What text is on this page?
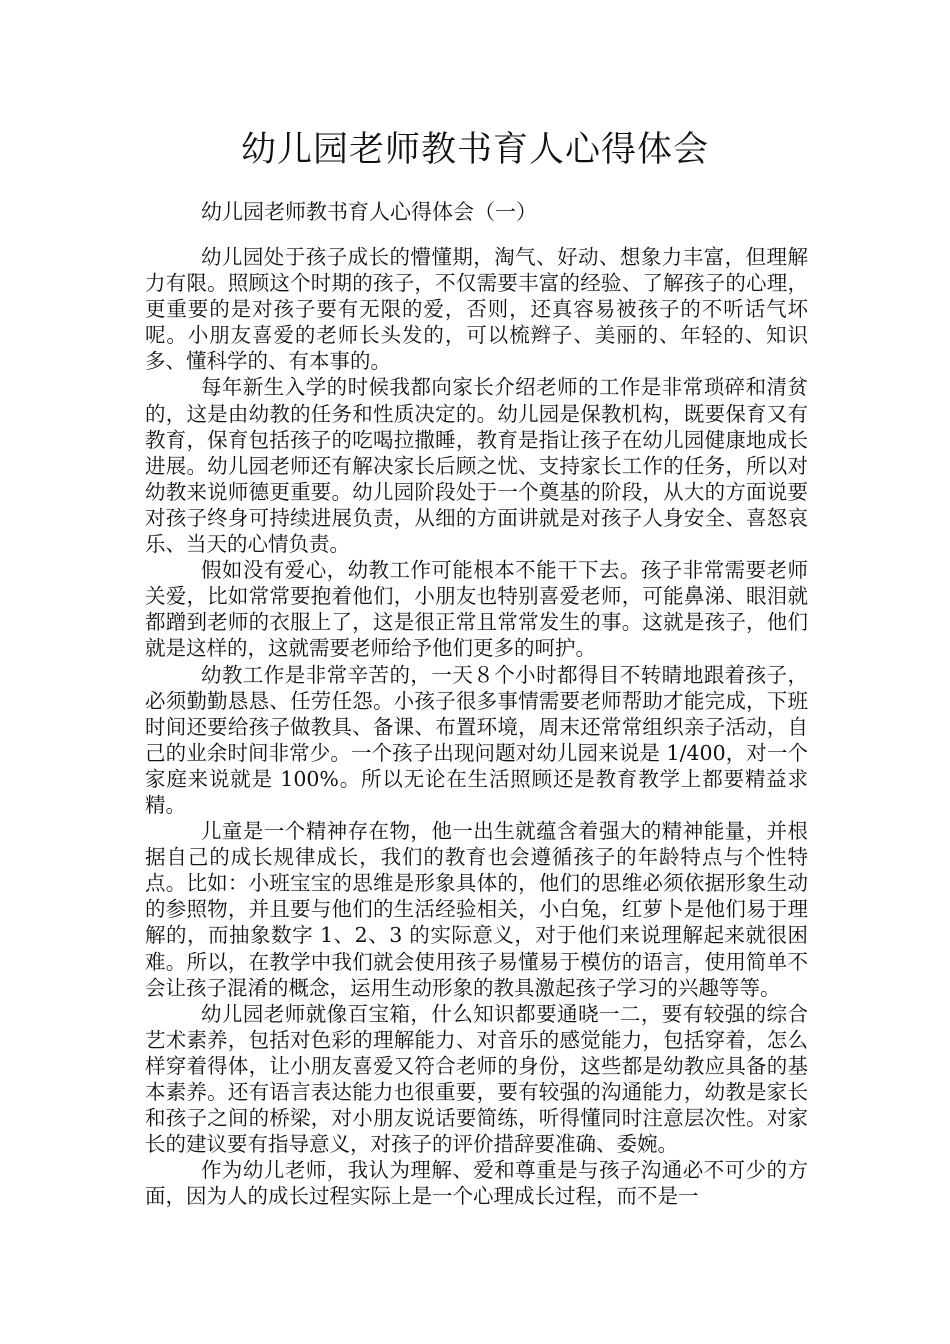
幼儿园老师教书育人心得体会

幼儿园老师教书育人心得体会（一）

幼儿园处于孩子成长的懵懂期，淘气、好动、想象力丰富，但理解力有限。照顾这个时期的孩子，不仅需要丰富的经验、了解孩子的心理，更重要的是对孩子要有无限的爱，否则，还真容易被孩子的不听话气坏呢。小朋友喜爱的老师长头发的，可以梳辫子、美丽的、年轻的、知识多、懂科学的、有本事的。

每年新生入学的时候我都向家长介绍老师的工作是非常琐碎和清贫的，这是由幼教的任务和性质决定的。幼儿园是保教机构，既要保育又有教育，保育包括孩子的吃喝拉撒睡，教育是指让孩子在幼儿园健康地成长进展。幼儿园老师还有解决家长后顾之忧、支持家长工作的任务，所以对幼教来说师德更重要。幼儿园阶段处于一个奠基的阶段，从大的方面说要对孩子终身可持续进展负责，从细的方面讲就是对孩子人身安全、喜怒哀乐、当天的心情负责。

假如没有爱心，幼教工作可能根本不能干下去。孩子非常需要老师关爱，比如常常要抱着他们，小朋友也特别喜爱老师，可能鼻涕、眼泪就都蹭到老师的衣服上了，这是很正常且常常发生的事。这就是孩子，他们就是这样的，这就需要老师给予他们更多的呵护。

幼教工作是非常辛苦的，一天８个小时都得目不转睛地跟着孩子，必须勤勤恳恳、任劳任怨。小孩子很多事情需要老师帮助才能完成，下班时间还要给孩子做教具、备课、布置环境，周末还常常组织亲子活动，自己的业余时间非常少。一个孩子出现问题对幼儿园来说是 1/400，对一个家庭来说就是 100%。所以无论在生活照顾还是教育教学上都要精益求精。

儿童是一个精神存在物，他一出生就蕴含着强大的精神能量，并根据自己的成长规律成长，我们的教育也会遵循孩子的年龄特点与个性特点。比如：小班宝宝的思维是形象具体的，他们的思维必须依据形象生动的参照物，并且要与他们的生活经验相关，小白兔，红萝卜是他们易于理解的，而抽象数字 1、2、3 的实际意义，对于他们来说理解起来就很困难。所以，在教学中我们就会使用孩子易懂易于模仿的语言，使用简单不会让孩子混淆的概念，运用生动形象的教具激起孩子学习的兴趣等等。

幼儿园老师就像百宝箱，什么知识都要通晓一二，要有较强的综合艺术素养，包括对色彩的理解能力、对音乐的感觉能力，包括穿着，怎么样穿着得体，让小朋友喜爱又符合老师的身份，这些都是幼教应具备的基本素养。还有语言表达能力也很重要，要有较强的沟通能力，幼教是家长和孩子之间的桥梁，对小朋友说话要简练，听得懂同时注意层次性。对家长的建议要有指导意义，对孩子的评价措辞要准确、委婉。

作为幼儿老师，我认为理解、爱和尊重是与孩子沟通必不可少的方面，因为人的成长过程实际上是一个心理成长过程，而不是一
